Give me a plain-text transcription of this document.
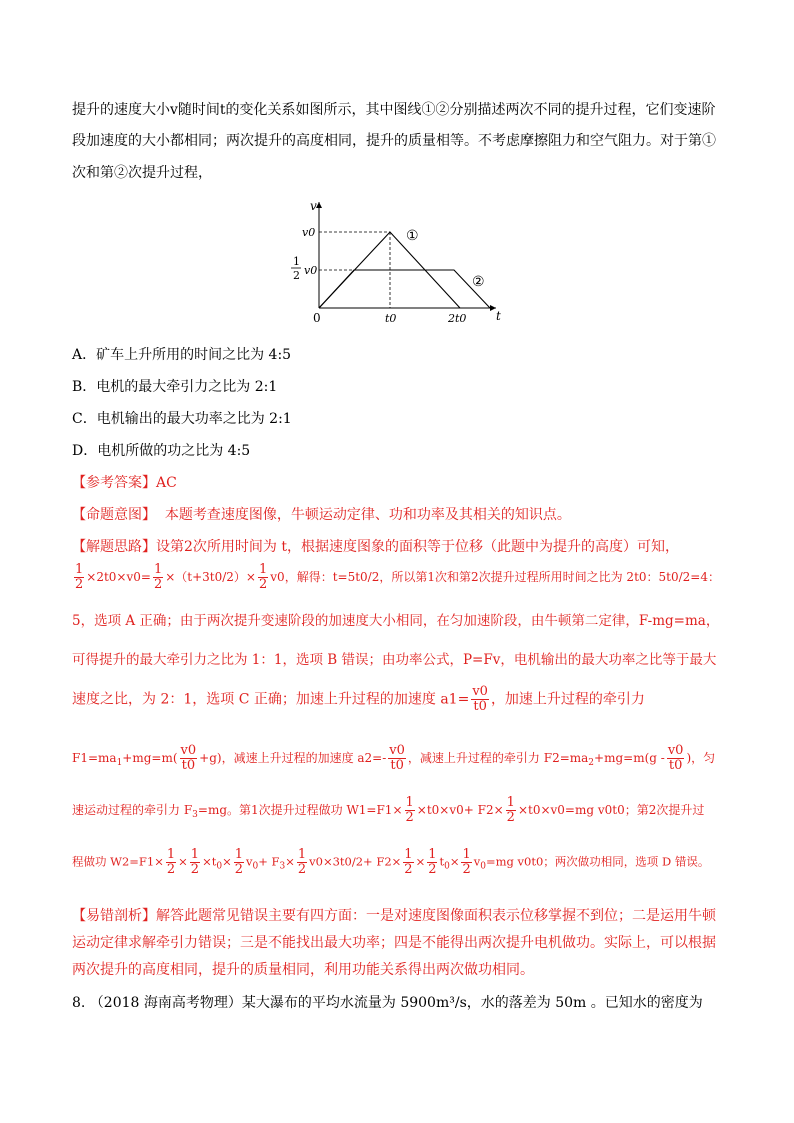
提升的速度大小v随时间t的变化关系如图所示，其中图线①②分别描述两次不同的提升过程，它们变速阶
段加速度的大小都相同；两次提升的高度相同，提升的质量相等。不考虑摩擦阻力和空气阻力。对于第①
次和第②次提升过程，
v
t
0
v0
1
2 v0
t0	2t0
①
②
A．矿车上升所用的时间之比为 4:5
B．电机的最大牵引力之比为 2:1
C．电机输出的最大功率之比为 2:1
D．电机所做的功之比为 4:5
【参考答案】AC
【命题意图】 本题考查速度图像，牛顿运动定律、功和功率及其相关的知识点。
【解题思路】设第2次所用时间为 t，根据速度图象的面积等于位移（此题中为提升的高度）可知，
$\frac{1}{2} \times 2t0\times v0= \frac{1}{2} \times(t+3t0/2)\times \frac{1}{2} v0$，解得：t=5t0/2，所以第1次和第2次提升过程所用时间之比为 2t0：5t0/2=4：
5，选项 A 正确；由于两次提升变速阶段的加速度大小相同，在匀加速阶段，由牛顿第二定律，F-mg=ma，
可得提升的最大牵引力之比为 1：1，选项 B 错误；由功率公式，P=Fv，电机输出的最大功率之比等于最大
速度之比，为 2：1，选项 C 正确；加速上升过程的加速度 $a1= \frac{v0}{t0}$ ，加速上升过程的牵引力
$F1=ma_1+mg=m( \frac{v0}{t0} +g)$，减速上升过程的加速度 $a2=- \frac{v0}{t0}$ ，减速上升过程的牵引力 $F2=ma_2+mg=m(g - \frac{v0}{t0}$ )，匀
速运动过程的牵引力 $F_3=mg$。第1次提升过程做功 $W1=F1\times \frac{1}{2} \times t0\times v0+ F2\times \frac{1}{2} \times t0\times v0=mg$ v0t0；第2次提升过
程做功 $W2=F1\times \frac{1}{2} \times \frac{1}{2} \times t_0\times \frac{1}{2} v_0+ F_3\times \frac{1}{2} v0\times 3t0/2+ F2\times \frac{1}{2} \times \frac{1}{2} t_0\times \frac{1}{2} v_0=mg$ v0t0；两次做功相同，选项 D 错误。
【易错剖析】解答此题常见错误主要有四方面：一是对速度图像面积表示位移掌握不到位；二是运用牛顿
运动定律求解牵引力错误；三是不能找出最大功率；四是不能得出两次提升电机做功。实际上，可以根据
两次提升的高度相同，提升的质量相同，利用功能关系得出两次做功相同。
8. （2018 海南高考物理）某大瀑布的平均水流量为 5900m³/s，水的落差为 50m 。已知水的密度为
